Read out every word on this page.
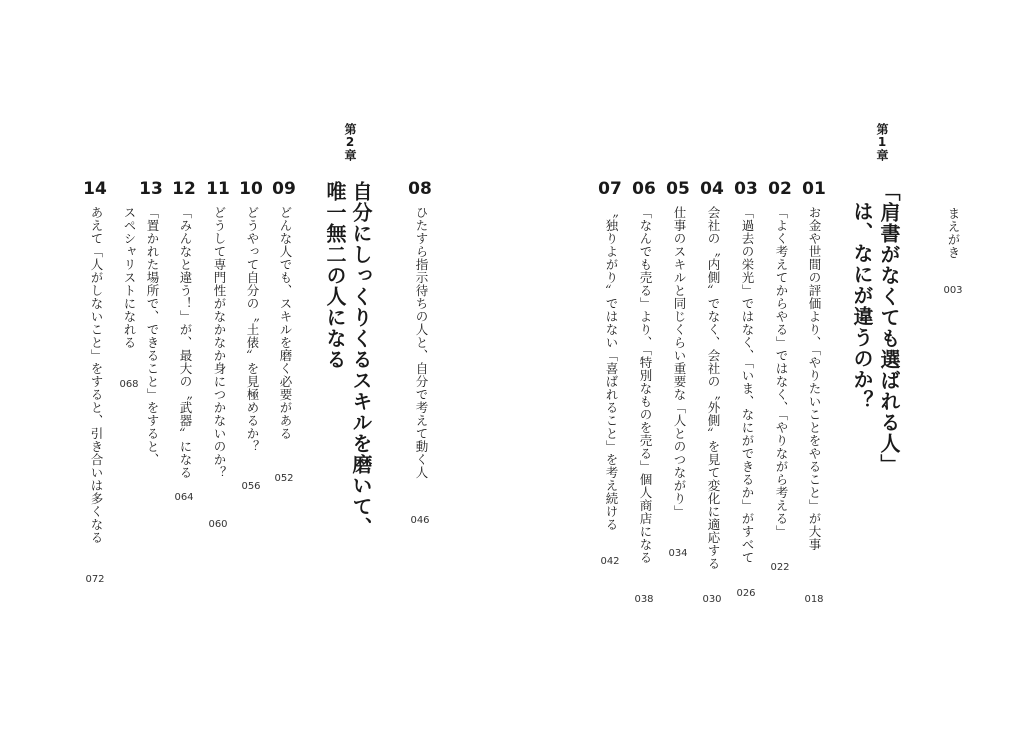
まえがき
003
第1章
「肩書がなくても選ばれる人」
は、なにが違うのか？
第2章
自分にしっくりくるスキルを磨いて、
唯一無二の人になる	01
お金や世間の評価より、「やりたいことをやること」が大事
018
02
「よく考えてからやる」ではなく、「やりながら考える」
022
03
「過去の栄光」ではなく、「いま、なにができるか」がすべて
026
04
会社の〝内側〟でなく、会社の〝外側〟を見て変化に適応する
030
05
仕事のスキルと同じくらい重要な「人とのつながり」
034
06
「なんでも売る」より、「特別なものを売る」個人商店になる
038
07
〝独りよがり〟ではない「喜ばれること」を考え続ける
042
08
ひたすら指示待ちの人と、自分で考えて動く人
046
09
どんな人でも、スキルを磨く必要がある
052
10
どうやって自分の〝土俵〟を見極めるか？
056
11
どうして専門性がなかなか身につかないのか？
060
12
「みんなと違う！」が、最大の〝武器〟になる
064
13
「置かれた場所で、できること」をすると、
スペシャリストになれる
068
14
あえて「人がしないこと」をすると、引き合いは多くなる
072
